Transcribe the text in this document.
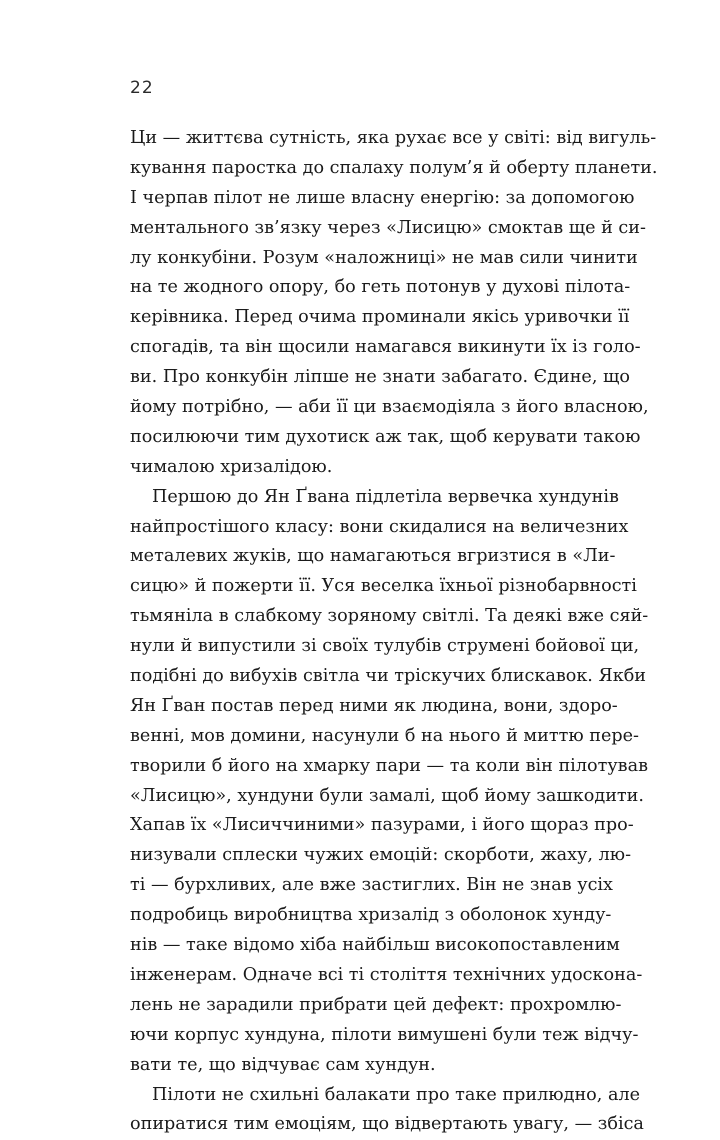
22
Ци — життєва сутність, яка рухає все у світі: від вигуль-
кування паростка до спалаху полум’я й оберту планети.
І черпав пілот не лише власну енергію: за допомогою
ментального зв’язку через «Лисицю» смоктав ще й си-
лу конкубіни. Розум «наложниці» не мав сили чинити
на те жодного опору, бо геть потонув у духові пілота-
керівника. Перед очима проминали якісь уривочки її
спогадів, та він щосили намагався викинути їх із голо-
ви. Про конкубін ліпше не знати забагато. Єдине, що
йому потрібно, — аби її ци взаємодіяла з його власною,
посилюючи тим духотиск аж так, щоб керувати такою
чималою хризалідою.
Першою до Ян Ґвана підлетіла вервечка хундунів
найпростішого класу: вони скидалися на величезних
металевих жуків, що намагаються вгризтися в «Ли-
сицю» й пожерти її. Уся веселка їхньої різнобарвності
тьмяніла в слабкому зоряному світлі. Та деякі вже сяй-
нули й випустили зі своїх тулубів струмені бойової ци,
подібні до вибухів світла чи тріскучих блискавок. Якби
Ян Ґван постав перед ними як людина, вони, здоро-
венні, мов домини, насунули б на нього й миттю пере-
творили б його на хмарку пари — та коли він пілотував
«Лисицю», хундуни були замалі, щоб йому зашкодити.
Хапав їх «Лисиччиними» пазурами, і його щораз про-
низували сплески чужих емоцій: скорботи, жаху, лю-
ті — бурхливих, але вже застиглих. Він не знав усіх
подробиць виробництва хризалід з оболонок хунду-
нів — таке відомо хіба найбільш високопоставленим
інженерам. Одначе всі ті століття технічних удоскона-
лень не зарадили прибрати цей дефект: прохромлю-
ючи корпус хундуна, пілоти вимушені були теж відчу-
вати те, що відчуває сам хундун.
Пілоти не схильні балакати про таке прилюдно, але
опиратися тим емоціям, що відвертають увагу, — збіса
